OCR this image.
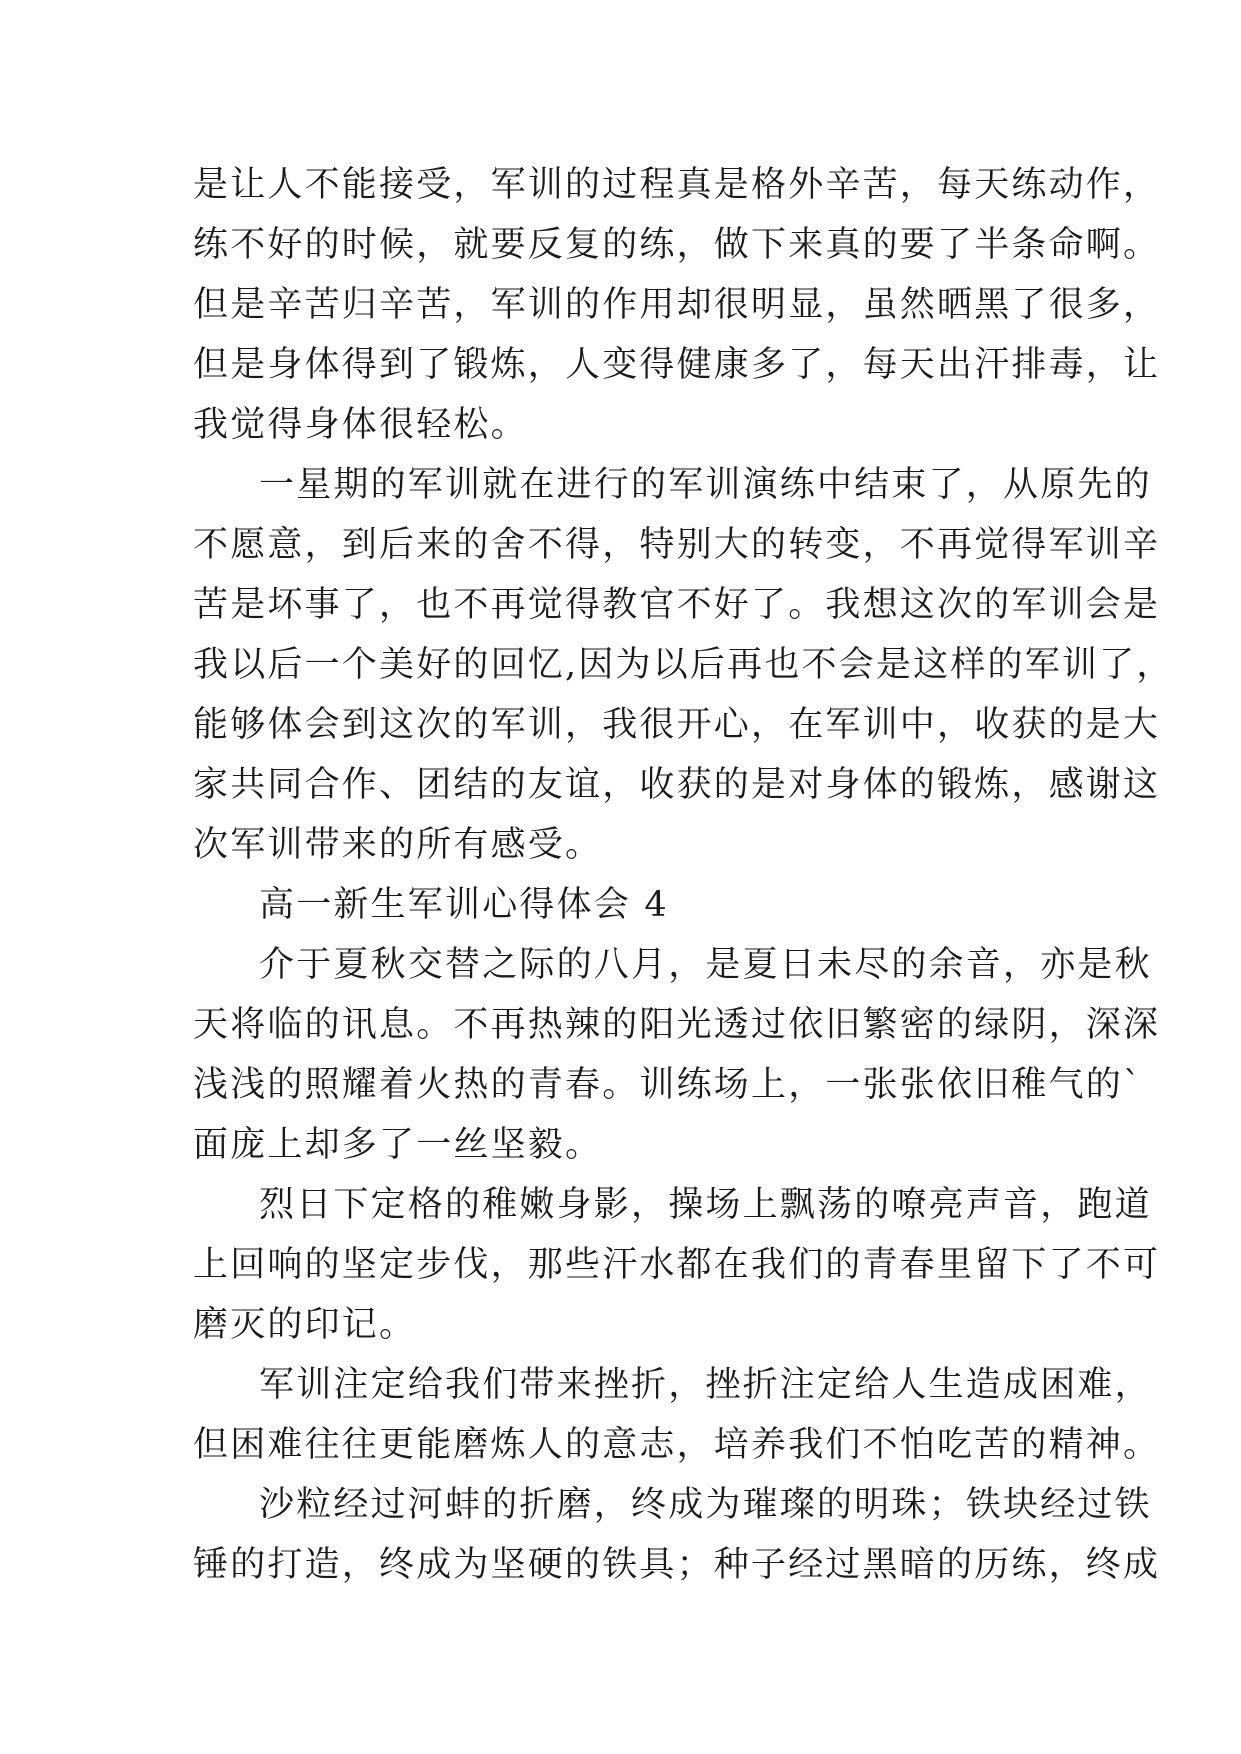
是让人不能接受，军训的过程真是格外辛苦，每天练动作，
练不好的时候，就要反复的练，做下来真的要了半条命啊。
但是辛苦归辛苦，军训的作用却很明显，虽然晒黑了很多，
但是身体得到了锻炼，人变得健康多了，每天出汗排毒，让
我觉得身体很轻松。
一星期的军训就在进行的军训演练中结束了，从原先的
不愿意，到后来的舍不得，特别大的转变，不再觉得军训辛
苦是坏事了，也不再觉得教官不好了。我想这次的军训会是
我以后一个美好的回忆,因为以后再也不会是这样的军训了，
能够体会到这次的军训，我很开心，在军训中，收获的是大
家共同合作、团结的友谊，收获的是对身体的锻炼，感谢这
次军训带来的所有感受。
高一新生军训心得体会 4
介于夏秋交替之际的八月，是夏日未尽的余音，亦是秋
天将临的讯息。不再热辣的阳光透过依旧繁密的绿阴，深深
浅浅的照耀着火热的青春。训练场上，一张张依旧稚气的`
面庞上却多了一丝坚毅。
烈日下定格的稚嫩身影，操场上飘荡的嘹亮声音，跑道
上回响的坚定步伐，那些汗水都在我们的青春里留下了不可
磨灭的印记。
军训注定给我们带来挫折，挫折注定给人生造成困难，
但困难往往更能磨炼人的意志，培养我们不怕吃苦的精神。
沙粒经过河蚌的折磨，终成为璀璨的明珠；铁块经过铁
锤的打造，终成为坚硬的铁具；种子经过黑暗的历练，终成
